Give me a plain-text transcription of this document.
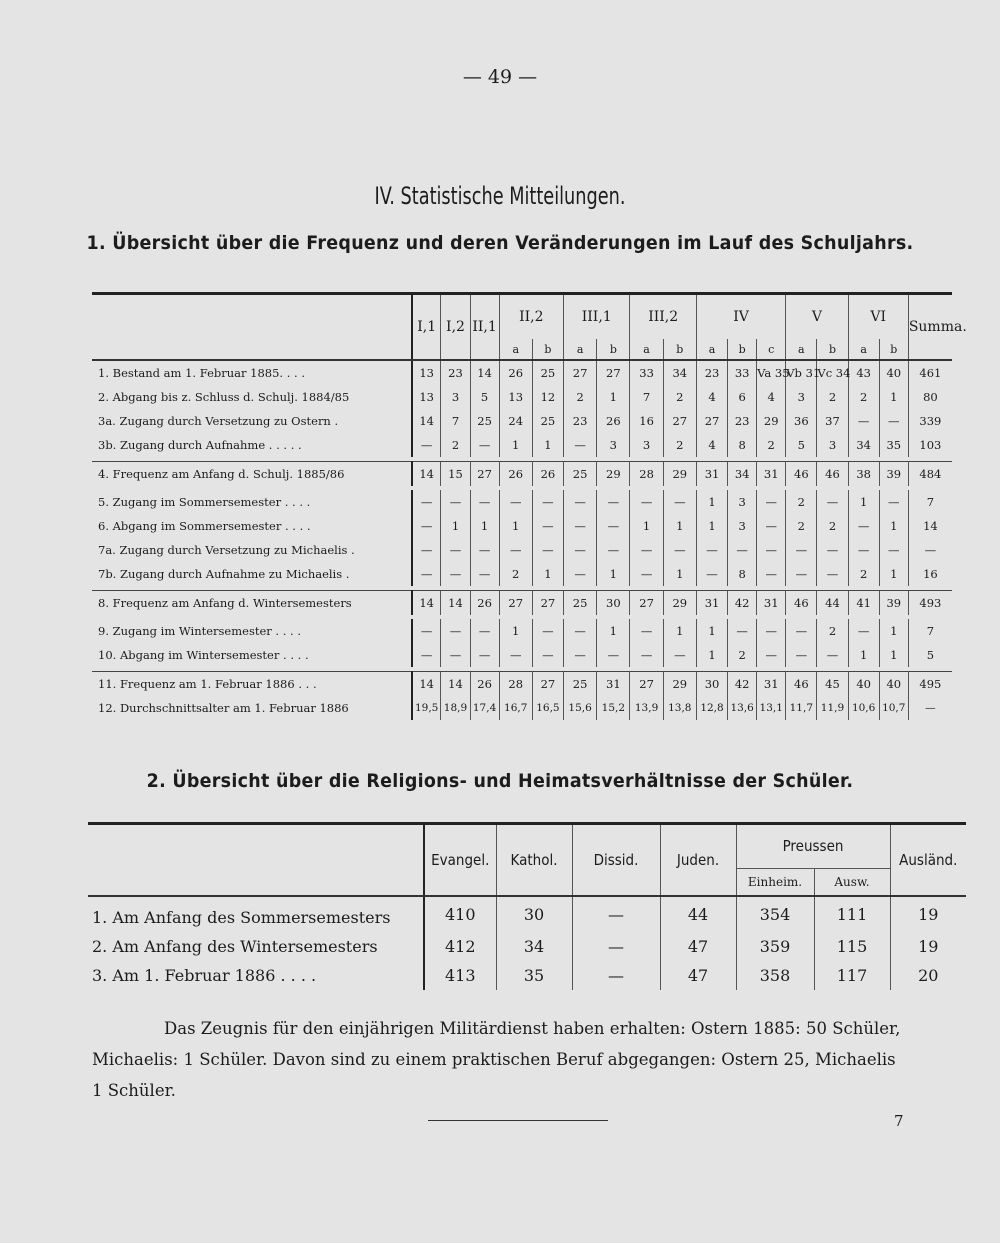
— 49 —
IV. Statistische Mitteilungen.
1. Übersicht über die Frequenz und deren Veränderungen im Lauf des Schuljahrs.
	I,1	I,2	II,1	II,2		III,1		III,2		IV			V		VI		Summa.
				a	b	a	b	a	b	a	b	c	a	b	a	b	
1. Bestand am 1. Februar 1885. . . .	13	23	14	26	25	27	27	33	34	23	33	Va 35	Vb 31	Vc 34	43	40	461
2. Abgang bis z. Schluss d. Schulj. 1884/85	13	3	5	13	12	2	1	7	2	4	6	4	3	2	2	1	80
3a. Zugang durch Versetzung zu Ostern .	14	7	25	24	25	23	26	16	27	27	23	29	36	37	—	—	339
3b. Zugang durch Aufnahme . . . . .	—	2	—	1	1	—	3	3	2	4	8	2	5	3	34	35	103

4. Frequenz am Anfang d. Schulj. 1885/86	14	15	27	26	26	25	29	28	29	31	34	31	46	46	38	39	484

5. Zugang im Sommersemester . . . .	—	—	—	—	—	—	—	—	—	1	3	—	2	—	1	—	7
6. Abgang im Sommersemester . . . .	—	1	1	1	—	—	—	1	1	1	3	—	2	2	—	1	14
7a. Zugang durch Versetzung zu Michaelis .	—	—	—	—	—	—	—	—	—	—	—	—	—	—	—	—	—
7b. Zugang durch Aufnahme zu Michaelis .	—	—	—	2	1	—	1	—	1	—	8	—	—	—	2	1	16

8. Frequenz am Anfang d. Wintersemesters	14	14	26	27	27	25	30	27	29	31	42	31	46	44	41	39	493

9. Zugang im Wintersemester . . . .	—	—	—	1	—	—	1	—	1	1	—	—	—	2	—	1	7
10. Abgang im Wintersemester . . . .	—	—	—	—	—	—	—	—	—	1	2	—	—	—	1	1	5

11. Frequenz am 1. Februar 1886 . . .	14	14	26	28	27	25	31	27	29	30	42	31	46	45	40	40	495
12. Durchschnittsalter am 1. Februar 1886	19,5	18,9	17,4	16,7	16,5	15,6	15,2	13,9	13,8	12,8	13,6	13,1	11,7	11,9	10,6	10,7	—
2. Übersicht über die Religions- und Heimatsverhältnisse der Schüler.
	Evangel.	Kathol.	Dissid.	Juden.	Preussen		Ausländ.
					Einheim.	Ausw.	
1. Am Anfang des Sommersemesters	410	30	—	44	354	111	19
2. Am Anfang des Wintersemesters	412	34	—	47	359	115	19
3. Am 1. Februar 1886 . . . .	413	35	—	47	358	117	20
Das Zeugnis für den einjährigen Militärdienst haben erhalten: Ostern 1885: 50 Schüler,
Michaelis: 1 Schüler. Davon sind zu einem praktischen Beruf abgegangen: Ostern 25, Michaelis
1 Schüler.
7
